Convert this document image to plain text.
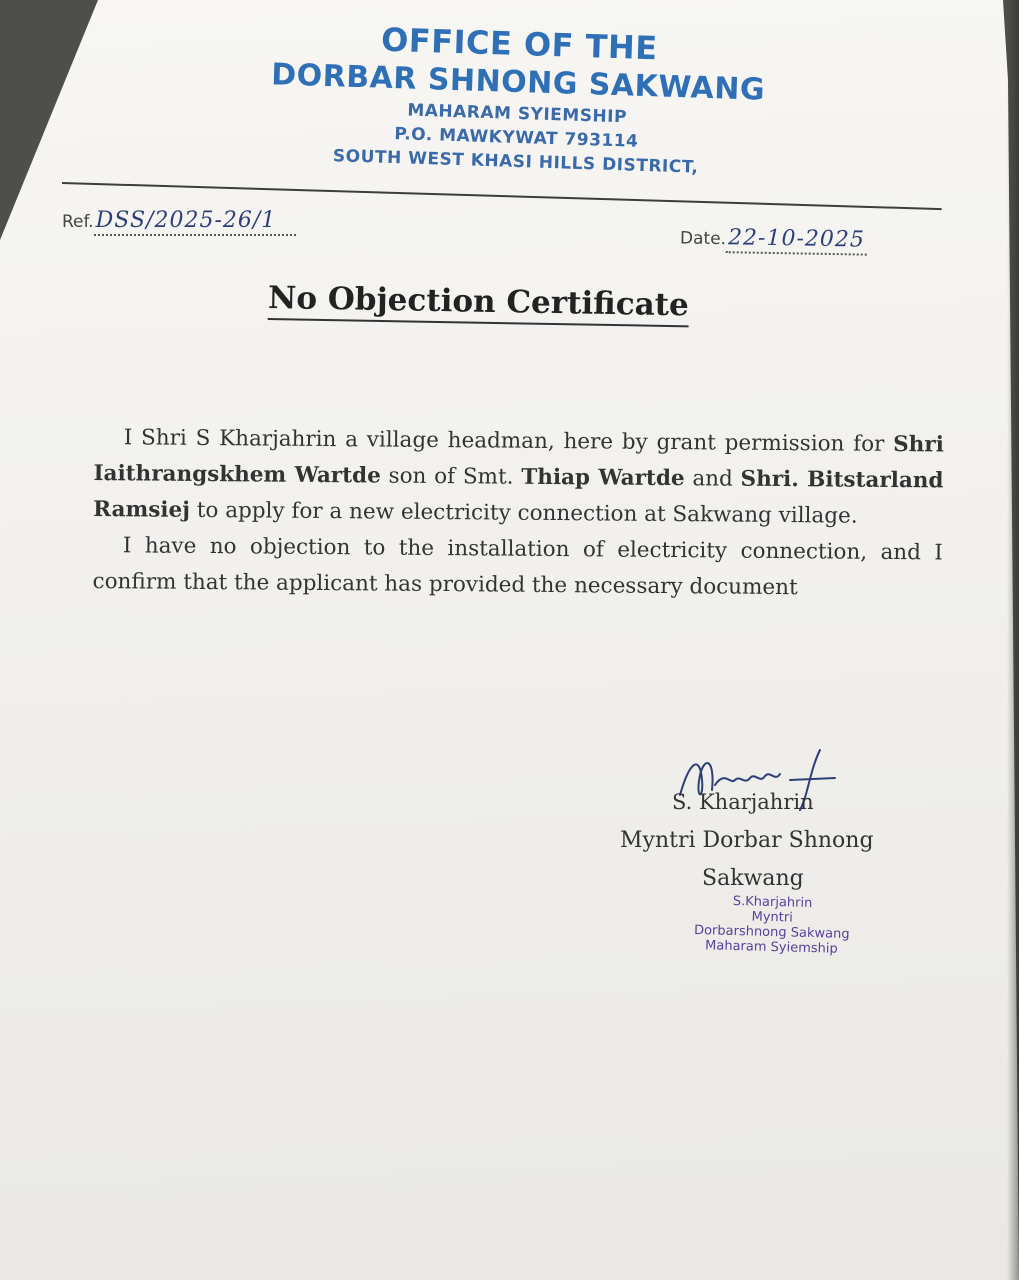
OFFICE OF THE
DORBAR SHNONG SAKWANG
MAHARAM SYIEMSHIP
P.O. MAWKYWAT 793114
SOUTH WEST KHASI HILLS DISTRICT,
Ref.DSS/2025-26/1
Date.22-10-2025
No Objection Certificate

I Shri S Kharjahrin a village headman, here by grant permission for Shri Iaithrangskhem Wartde son of Smt. Thiap Wartde and Shri. Bitstarland Ramsiej to apply for a new electricity connection at Sakwang village.

I have no objection to the installation of electricity connection, and I confirm that the applicant has provided the necessary document

S. Kharjahrin
Myntri Dorbar Shnong
Sakwang
S.Kharjahrin
Myntri
Dorbarshnong Sakwang
Maharam Syiemship
